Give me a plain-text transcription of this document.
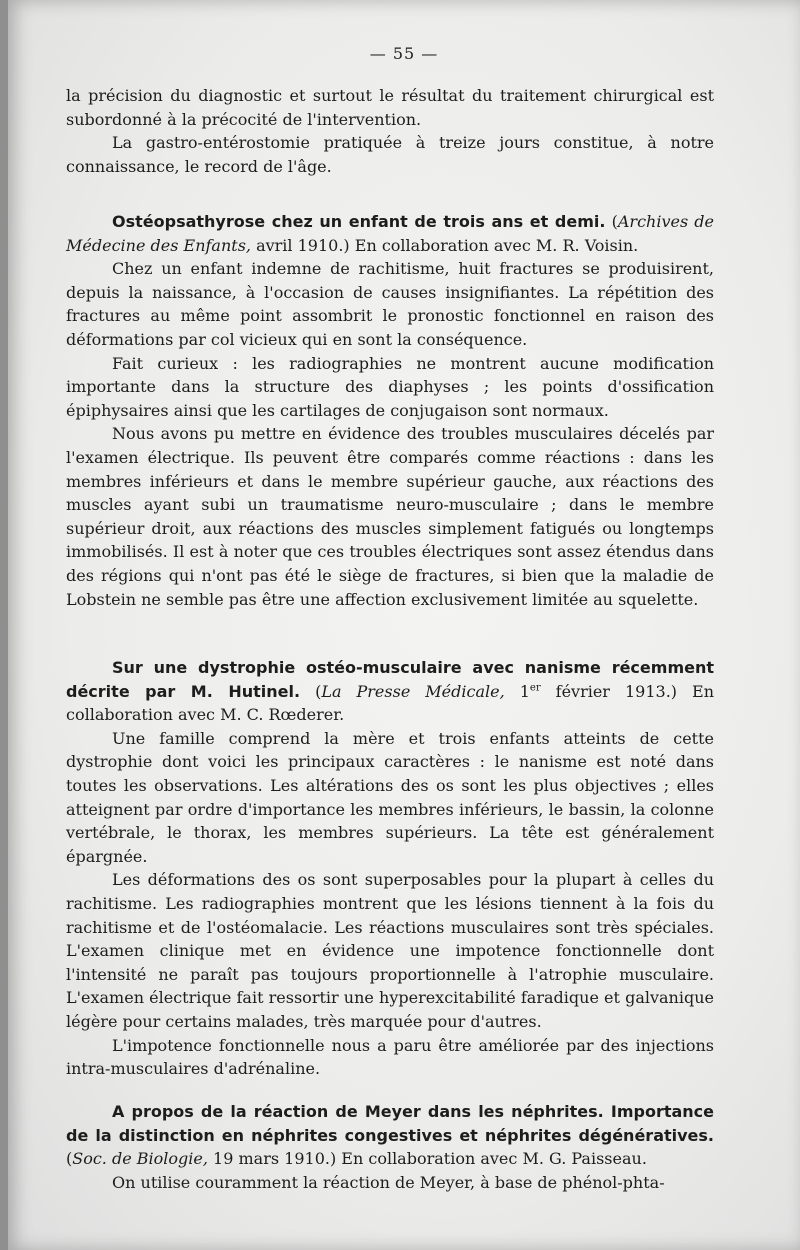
— 55 —

la précision du diagnostic et surtout le résultat du traitement chirurgical est subordonné à la précocité de l'intervention.

La gastro-entérostomie pratiquée à treize jours constitue, à notre connaissance, le record de l'âge.

Ostéopsathyrose chez un enfant de trois ans et demi. (Archives de Médecine des Enfants, avril 1910.) En collaboration avec M. R. Voisin.

Chez un enfant indemne de rachitisme, huit fractures se produisirent, depuis la naissance, à l'occasion de causes insignifiantes. La répétition des fractures au même point assombrit le pronostic fonctionnel en raison des déformations par col vicieux qui en sont la conséquence.

Fait curieux : les radiographies ne montrent aucune modification importante dans la structure des diaphyses ; les points d'ossification épiphysaires ainsi que les cartilages de conjugaison sont normaux.

Nous avons pu mettre en évidence des troubles musculaires décelés par l'examen électrique. Ils peuvent être comparés comme réactions : dans les membres inférieurs et dans le membre supérieur gauche, aux réactions des muscles ayant subi un traumatisme neuro-musculaire ; dans le membre supérieur droit, aux réactions des muscles simplement fatigués ou longtemps immobilisés. Il est à noter que ces troubles électriques sont assez étendus dans des régions qui n'ont pas été le siège de fractures, si bien que la maladie de Lobstein ne semble pas être une affection exclusivement limitée au squelette.

Sur une dystrophie ostéo-musculaire avec nanisme récemment décrite par M. Hutinel. (La Presse Médicale, 1er février 1913.) En collaboration avec M. C. Rœderer.

Une famille comprend la mère et trois enfants atteints de cette dystrophie dont voici les principaux caractères : le nanisme est noté dans toutes les observations. Les altérations des os sont les plus objectives ; elles atteignent par ordre d'importance les membres inférieurs, le bassin, la colonne vertébrale, le thorax, les membres supérieurs. La tête est généralement épargnée.

Les déformations des os sont superposables pour la plupart à celles du rachitisme. Les radiographies montrent que les lésions tiennent à la fois du rachitisme et de l'ostéomalacie. Les réactions musculaires sont très spéciales. L'examen clinique met en évidence une impotence fonctionnelle dont l'intensité ne paraît pas toujours proportionnelle à l'atrophie musculaire. L'examen électrique fait ressortir une hyperexcitabilité faradique et galvanique légère pour certains malades, très marquée pour d'autres.

L'impotence fonctionnelle nous a paru être améliorée par des injections intra-musculaires d'adrénaline.

A propos de la réaction de Meyer dans les néphrites. Importance de la distinction en néphrites congestives et néphrites dégénératives. (Soc. de Biologie, 19 mars 1910.) En collaboration avec M. G. Paisseau.

On utilise couramment la réaction de Meyer, à base de phénol-phta-
